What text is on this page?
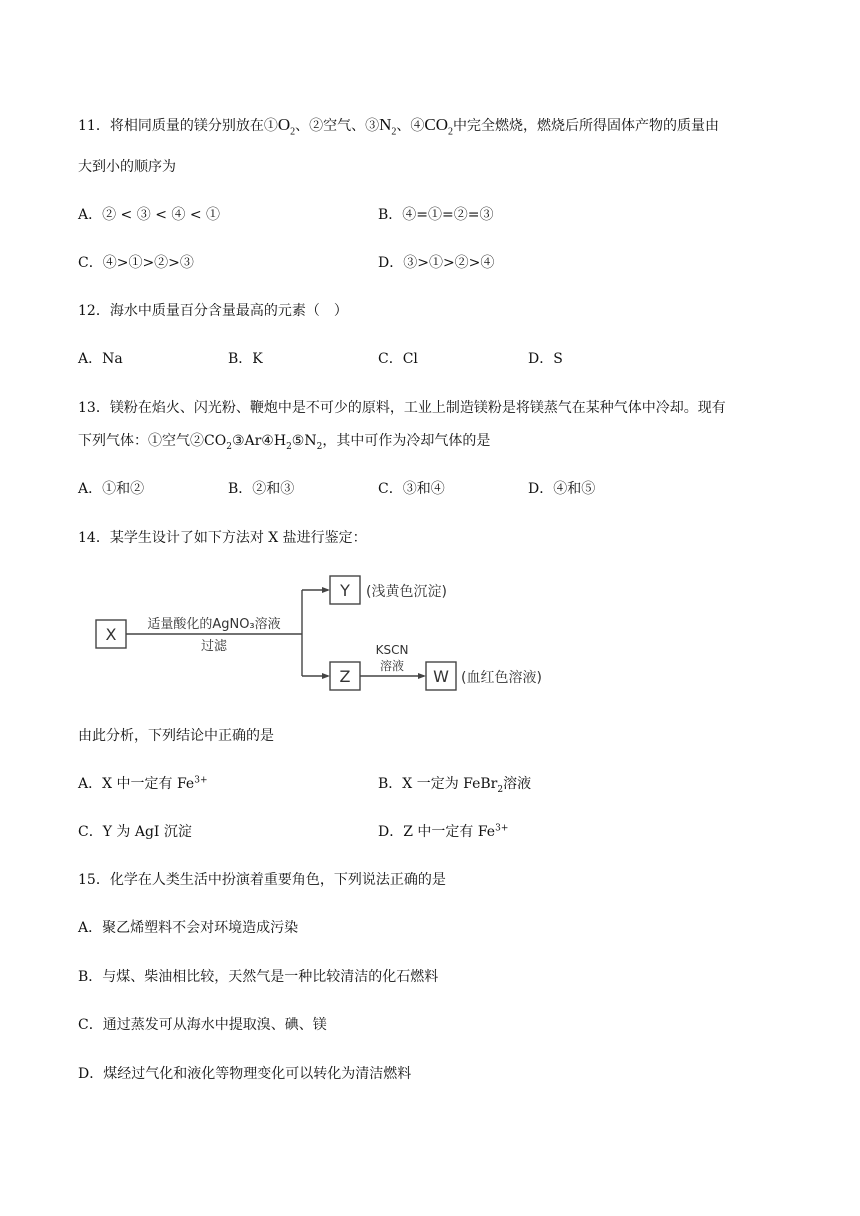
11．将相同质量的镁分别放在$①O_2$、②空气、$③N_2$、$④CO_2$中完全燃烧，燃烧后所得固体产物的质量由
大到小的顺序为
A．② < ③ < ④ < ①	B．④=①=②=③
C．④>①>②>③	D．③>①>②>④
12．海水中质量百分含量最高的元素（　）
A．Na	B．K	C．Cl	D．S
13．镁粉在焰火、闪光粉、鞭炮中是不可少的原料，工业上制造镁粉是将镁蒸气在某种气体中冷却。现有
下列气体：①空气$②CO_2③Ar④H_2⑤N_2$，其中可作为冷却气体的是
A．①和②	B．②和③	C．③和④	D．④和⑤
14．某学生设计了如下方法对 X 盐进行鉴定：
X
Y
Z	W
适量酸化的AgNO₃溶液
过滤
(浅黄色沉淀)
KSCN
溶液
(血红色溶液)
由此分析，下列结论中正确的是
A．X 中一定有 $Fe^{3+}$	B．X 一定为 FeBr$_2$溶液
C．Y 为 AgI 沉淀	D．Z 中一定有 $Fe^{3+}$
15．化学在人类生活中扮演着重要角色，下列说法正确的是
A．聚乙烯塑料不会对环境造成污染
B．与煤、柴油相比较，天然气是一种比较清洁的化石燃料
C．通过蒸发可从海水中提取溴、碘、镁
D．煤经过气化和液化等物理变化可以转化为清洁燃料
